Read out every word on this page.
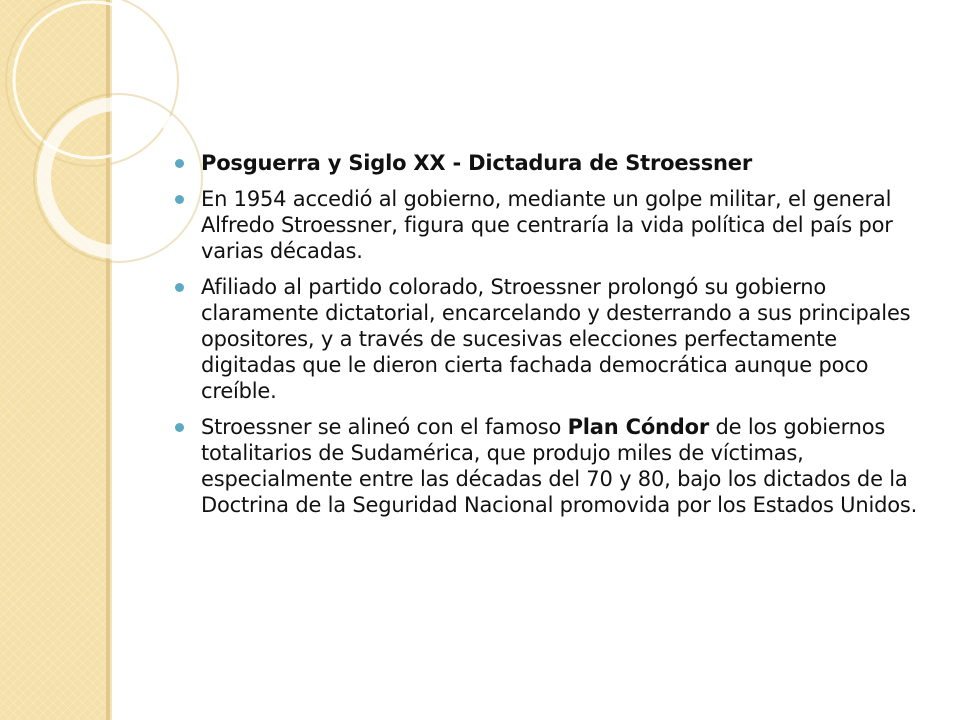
Posguerra y Siglo XX - Dictadura de Stroessner
En 1954 accedió al gobierno, mediante un golpe militar, el general Alfredo Stroessner, figura que centraría la vida política del país por varias décadas.
Afiliado al partido colorado, Stroessner prolongó su gobierno claramente dictatorial, encarcelando y desterrando a sus principales opositores, y a través de sucesivas elecciones perfectamente digitadas que le dieron cierta fachada democrática aunque poco creíble.
Stroessner se alineó con el famoso Plan Cóndor de los gobiernos totalitarios de Sudamérica, que produjo miles de víctimas, especialmente entre las décadas del 70 y 80, bajo los dictados de la Doctrina de la Seguridad Nacional promovida por los Estados Unidos.
